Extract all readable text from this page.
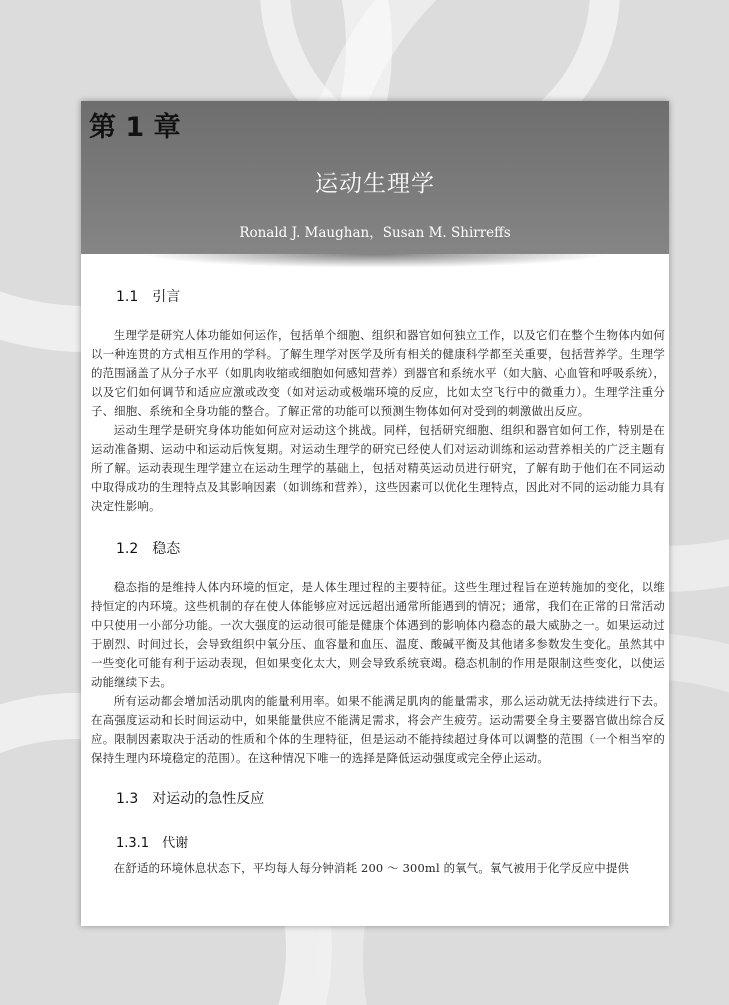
第 1 章
运动生理学
Ronald J. Maughan，Susan M. Shirreffs
1.1　引言

生理学是研究人体功能如何运作，包括单个细胞、组织和器官如何独立工作，以及它们在整个生物体内如何以一种连贯的方式相互作用的学科。了解生理学对医学及所有相关的健康科学都至关重要，包括营养学。生理学的范围涵盖了从分子水平（如肌肉收缩或细胞如何感知营养）到器官和系统水平（如大脑、心血管和呼吸系统），以及它们如何调节和适应应激或改变（如对运动或极端环境的反应，比如太空飞行中的微重力）。生理学注重分子、细胞、系统和全身功能的整合。了解正常的功能可以预测生物体如何对受到的刺激做出反应。

运动生理学是研究身体功能如何应对运动这个挑战。同样，包括研究细胞、组织和器官如何工作，特别是在运动准备期、运动中和运动后恢复期。对运动生理学的研究已经使人们对运动训练和运动营养相关的广泛主题有所了解。运动表现生理学建立在运动生理学的基础上，包括对精英运动员进行研究，了解有助于他们在不同运动中取得成功的生理特点及其影响因素（如训练和营养），这些因素可以优化生理特点，因此对不同的运动能力具有决定性影响。

1.2　稳态

稳态指的是维持人体内环境的恒定，是人体生理过程的主要特征。这些生理过程旨在逆转施加的变化，以维持恒定的内环境。这些机制的存在使人体能够应对远远超出通常所能遇到的情况；通常，我们在正常的日常活动中只使用一小部分功能。一次大强度的运动很可能是健康个体遇到的影响体内稳态的最大威胁之一。如果运动过于剧烈、时间过长，会导致组织中氧分压、血容量和血压、温度、酸碱平衡及其他诸多参数发生变化。虽然其中一些变化可能有利于运动表现，但如果变化太大，则会导致系统衰竭。稳态机制的作用是限制这些变化，以使运动能继续下去。

所有运动都会增加活动肌肉的能量利用率。如果不能满足肌肉的能量需求，那么运动就无法持续进行下去。在高强度运动和长时间运动中，如果能量供应不能满足需求，将会产生疲劳。运动需要全身主要器官做出综合反应。限制因素取决于活动的性质和个体的生理特征，但是运动不能持续超过身体可以调整的范围（一个相当窄的保持生理内环境稳定的范围）。在这种情况下唯一的选择是降低运动强度或完全停止运动。

1.3　对运动的急性反应
1.3.1　代谢

在舒适的环境休息状态下，平均每人每分钟消耗 200 ～ 300ml 的氧气。氧气被用于化学反应中提供
